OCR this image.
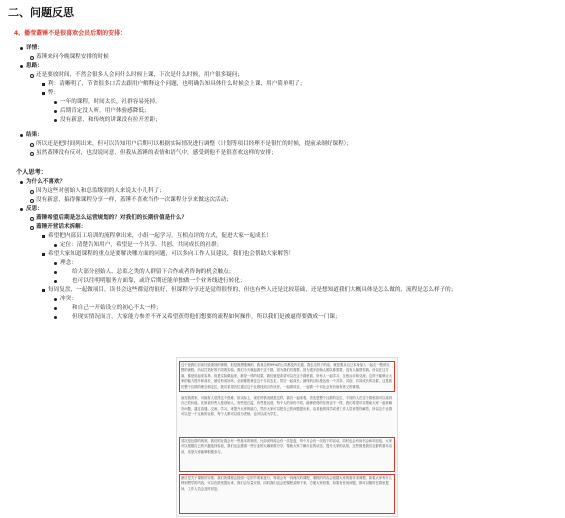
二、问题反思
4、播莹蓋锤不是很喜欢会员后期的安排：
详情：
蓋锤来问今晚课程安排的时候
思路：
还是要放时间，不然会很多人会问什么时候上课，下次是什么时候，用户很多疑问；
利：清晰明了，节省很多口舌去跟用户解释这个问题，也明确告知具体什么时候会上课，用户简单明了；
弊：
一年的课程，时间太长，社群容易死掉。
后期肯定没人听，用户体验感降低；
没有新意，和传统的讲课没有拉开差距；
结果：
所以还是把时间列出来，但可以告知用户后期可以根据实际情况进行调整（计划等项目经理不是很忙的时候，提前录制好课程）；
虽然蓋锤没有反对，也没说同意，但我从蓋锤的表情和语气中，感受到他不是很喜欢这样的安排；
个人思考：
为什么不喜欢？
因为这些对创始人和总监级别的人来说太小儿科了；
没有新意，搞得像课程分享一样，蓋锤不喜欢当作一次课程分享来做这次活动；
反思：
蓋锤希望后期是怎么运营规划的？对我们的长期价值是什么？
蓋锤开营话术拆解：
希望把内部员工培训的流程拿出来，小组一起学习，互相点评的方式，促进大家一起成长！
定位：清楚告知用户，希望是一个共享、共创、共同成长的社群；
希望大家知道课程的重点是要解决哪方面的问题，可以多向工作人员建议，我们也会帮助大家解答！
理念：
给大部分创始人、总监之类的人群留下合作或者咨询的机会触点；
也可以往明明服务方面靠，或许后期还能单独做一个业务线进行转化；
每周复盘，一起做项目，读书会这些都觉得很好，但课程分享还是觉得很怪的，但也有些人还是比较基础，还是想知道我们大概具体是怎么做的，流程是怎么样子的；
冲突：
和自己一开始设立的初心不太一样；
但现实情况而言，大家能力参差不齐又希望获得他们想要的流程如何操作，所以我们是被逼得要做成一门课；
这个是我们目前比较重视的事情，但是我想强调的，我身边的99%的公司都没有走通，我去这样子的话，就是要从自己本身加入一起走一整套完整的流程，所以打造好的不同的实验，我们今天就起源于这个群，因为我们有需要，因为很多创始人团队都需要，没有人能帮你搞，所以在这方面，都是说起来容易，但是实际做起来，都是一样的结果，我们就是希望可以在这个群里面，所有人一起学习、互相点评和交流，这样子能够让大家的能力提升和成长，最后形成闭环，全部都愿意往这个方向去走，然后一起成长，最终的目标是达成一个共享、共创、共同成长的社群，这是我们整个社群的理念和定位，我们希望各位通过这个社群找到合作伙伴，一起做项目，一起做一个对社会有价值有意义的事情。
而在我看来，可能有人觉得这个很难、但实际上，现在的情况就是这样，我们一起来看，首先是整个社群的定位，不同的人在这个群里面可以找到自己的价值，比如说有些人是创始人，有些是总监，有些是运营，每个人的身份不同，能够获得的东西也不一样，我们希望可以帮助大家一起来解决问题，通过沟通、交流、学习，来提升大家的能力，然后大家可以把自己的问题提出来，由其他的同学或者工作人员来帮你解答，所以这个社群可以是一个互助的社群，每个人都可以成为老师，也可以成为学生。
其次是社群的规则，我们的社群会有一些基本的规则，比如说每周会有一次复盘，每个月会有一次线下的活动，同时也会有读书会和项目组，大家可以根据自己的兴趣选择参加，我们也会邀请一些行业的大咖来做分享，帮助大家了解行业的动态，提升大家的认知，这些都是我们社群的基本活动，希望大家能够积极参与。
最后是关于课程的安排，我们的课程会按照一定的节奏来进行，每周会有一到两次的课程，课程的内容会根据大家的需求来调整，如果大家有什么特别想学的内容，可以在群里提出来，我们会尽量安排，同时我们也会把课程录制下来，方便大家回看，如果有任何问题，都可以随时在群里提问，工作人员会及时回复。
